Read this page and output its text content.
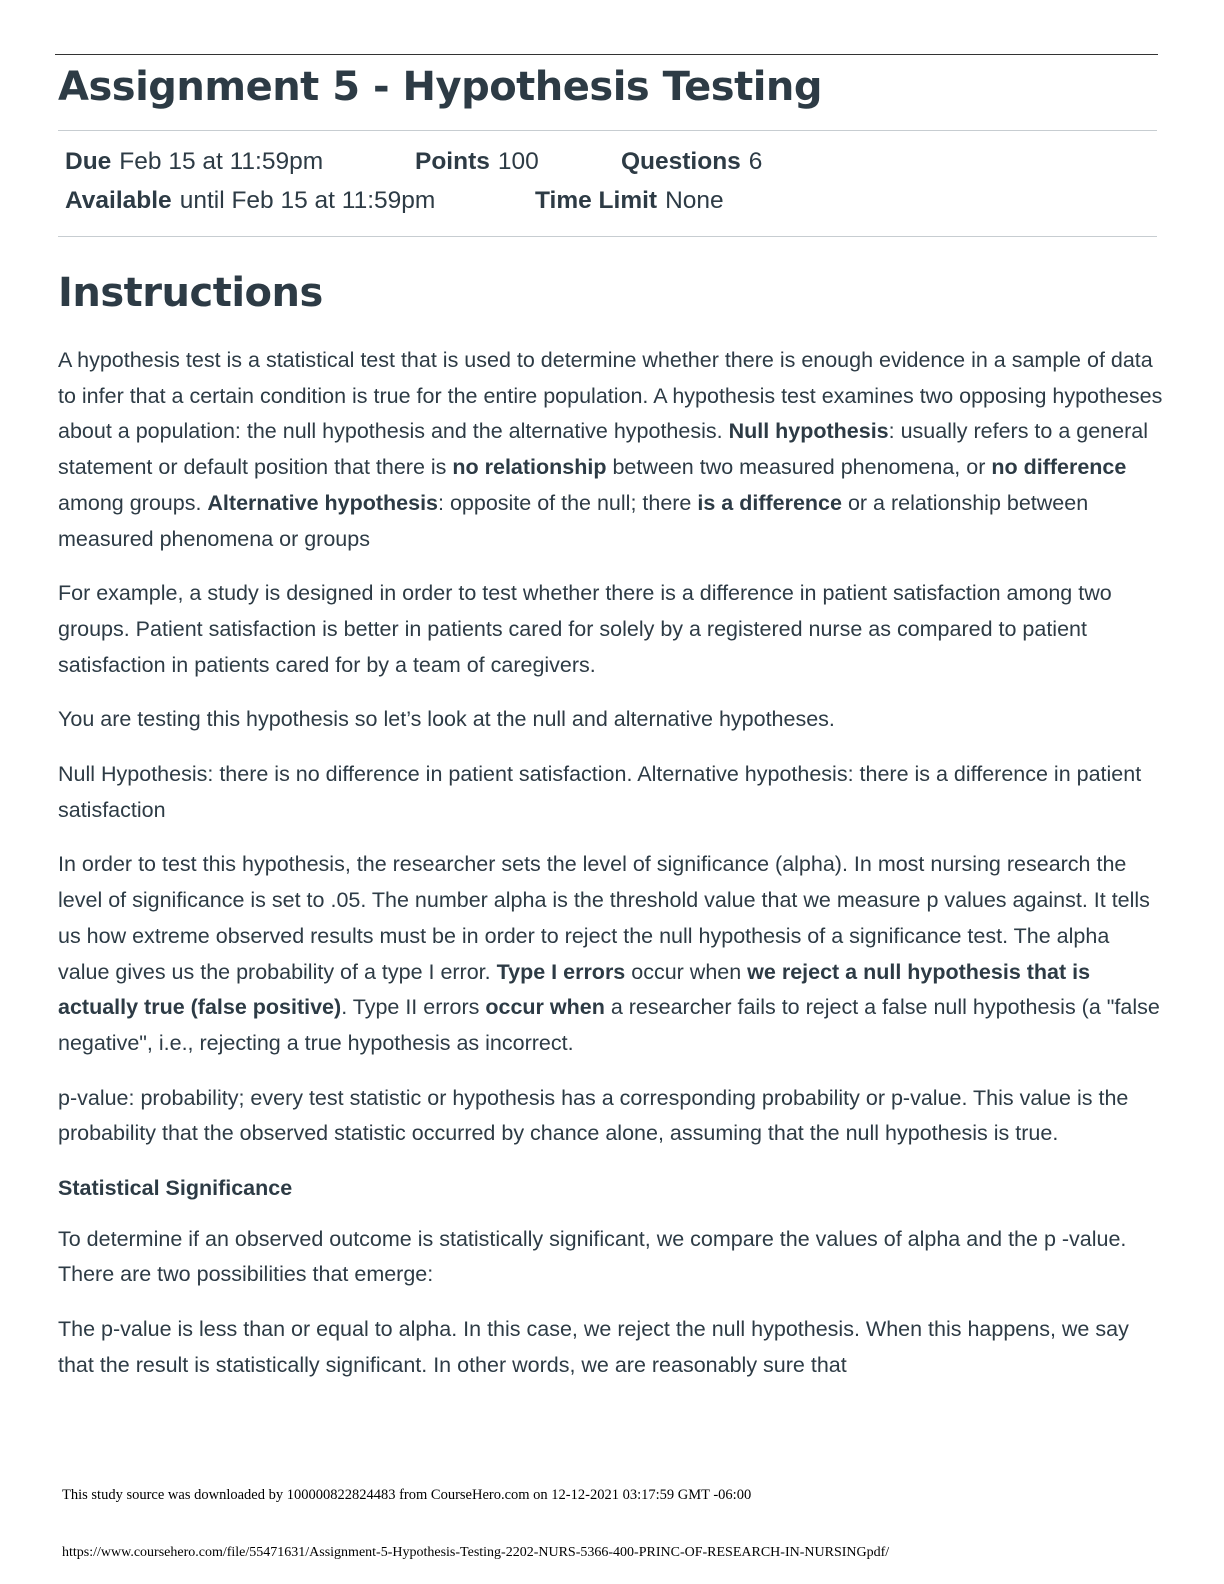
Assignment 5 - Hypothesis Testing
Due Feb 15 at 11:59pm	Points 100	Questions 6
Available until Feb 15 at 11:59pm	Time Limit None
Instructions

A hypothesis test is a statistical test that is used to determine whether there is enough evidence in a sample of data to infer that a certain condition is true for the entire population. A hypothesis test examines two opposing hypotheses about a population: the null hypothesis and the alternative hypothesis. Null hypothesis: usually refers to a general statement or default position that there is no relationship between two measured phenomena, or no difference among groups. Alternative hypothesis: opposite of the null; there is a difference or a relationship between measured phenomena or groups

For example, a study is designed in order to test whether there is a difference in patient satisfaction among two groups. Patient satisfaction is better in patients cared for solely by a registered nurse as compared to patient satisfaction in patients cared for by a team of caregivers.

You are testing this hypothesis so let’s look at the null and alternative hypotheses.

Null Hypothesis: there is no difference in patient satisfaction. Alternative hypothesis: there is a difference in patient satisfaction

In order to test this hypothesis, the researcher sets the level of significance (alpha). In most nursing research the level of significance is set to .05. The number alpha is the threshold value that we measure p values against. It tells us how extreme observed results must be in order to reject the null hypothesis of a significance test. The alpha value gives us the probability of a type I error. Type I errors occur when we reject a null hypothesis that is actually true (false positive). Type II errors occur when a researcher fails to reject a false null hypothesis (a "false negative", i.e., rejecting a true hypothesis as incorrect.

p-value: probability; every test statistic or hypothesis has a corresponding probability or p-value. This value is the probability that the observed statistic occurred by chance alone, assuming that the null hypothesis is true.

Statistical Significance

To determine if an observed outcome is statistically significant, we compare the values of alpha and the p -value. There are two possibilities that emerge:

The p-value is less than or equal to alpha. In this case, we reject the null hypothesis. When this happens, we say that the result is statistically significant. In other words, we are reasonably sure that

This study source was downloaded by 100000822824483 from CourseHero.com on 12-12-2021 03:17:59 GMT -06:00
https://www.coursehero.com/file/55471631/Assignment-5-Hypothesis-Testing-2202-NURS-5366-400-PRINC-OF-RESEARCH-IN-NURSINGpdf/
